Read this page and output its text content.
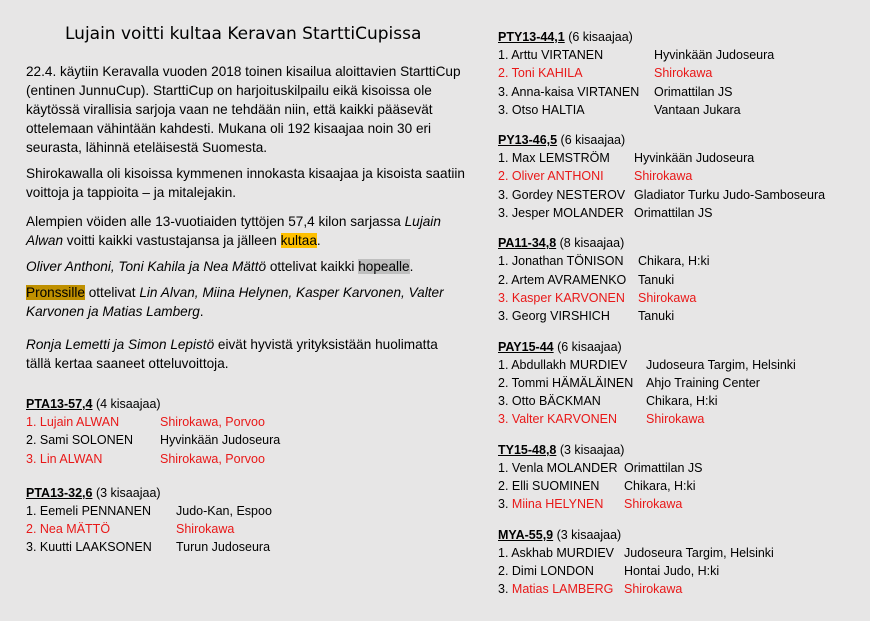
Lujain voitti kultaa Keravan StarttiCupissa

22.4. käytiin Keravalla vuoden 2018 toinen kisailua aloittavien StarttiCup (entinen JunnuCup). StarttiCup on harjoituskilpailu eikä kisoissa ole käytössä virallisia sarjoja vaan ne tehdään niin, että kaikki pääsevät ottelemaan vähintään kahdesti. Mukana oli 192 kisaajaa noin 30 eri seurasta, lähinnä eteläisestä Suomesta.

Shirokawalla oli kisoissa kymmenen innokasta kisaajaa ja kisoista saatiin voittoja ja tappioita – ja mitalejakin.

Alempien vöiden alle 13-vuotiaiden tyttöjen 57,4 kilon sarjassa Lujain Alwan voitti kaikki vastustajansa ja jälleen kultaa.

Oliver Anthoni, Toni Kahila ja Nea Mättö ottelivat kaikki hopealle.

Pronssille ottelivat Lin Alvan, Miina Helynen, Kasper Karvonen, Valter Karvonen ja Matias Lamberg.

Ronja Lemetti ja Simon Lepistö eivät hyvistä yrityksistään huolimatta tällä kertaa saaneet otteluvoittoja.

PTA13-57,4 (4 kisaajaa)
1. Lujain ALWAN	Shirokawa, Porvoo
2. Sami SOLONEN Hyvinkään Judoseura
3. Lin ALWAN	Shirokawa, Porvoo
PTA13-32,6 (3 kisaajaa)
1. Eemeli PENNANEN Judo-Kan, Espoo
2. Nea MÄTTÖ	Shirokawa
3. Kuutti LAAKSONEN Turun Judoseura
PTY13-44,1 (6 kisaajaa)
1. Arttu VIRTANEN	Hyvinkään Judoseura
2. Toni KAHILA	Shirokawa
3. Anna-kaisa VIRTANEN Orimattilan JS
3. Otso HALTIA	Vantaan Jukara
PY13-46,5 (6 kisaajaa)
1. Max LEMSTRÖM Hyvinkään Judoseura
2. Oliver ANTHONI Shirokawa
3. Gordey NESTEROV Gladiator Turku Judo-Samboseura
3. Jesper MOLANDER Orimattilan JS
PA11-34,8 (8 kisaajaa)
1. Jonathan TÖNISON Chikara, H:ki
2. Artem AVRAMENKO Tanuki
3. Kasper KARVONEN Shirokawa
3. Georg VIRSHICH Tanuki
PAY15-44 (6 kisaajaa)
1. Abdullakh MURDIEV Judoseura Targim, Helsinki
2. Tommi HÄMÄLÄINEN Ahjo Training Center
3. Otto BÄCKMAN	Chikara, H:ki
3. Valter KARVONEN Shirokawa
TY15-48,8 (3 kisaajaa)
1. Venla MOLANDER Orimattilan JS
2. Elli SUOMINEN Chikara, H:ki
3. Miina HELYNEN Shirokawa
MYA-55,9 (3 kisaajaa)
1. Askhab MURDIEV Judoseura Targim, Helsinki
2. Dimi LONDON Hontai Judo, H:ki
3. Matias LAMBERG Shirokawa
